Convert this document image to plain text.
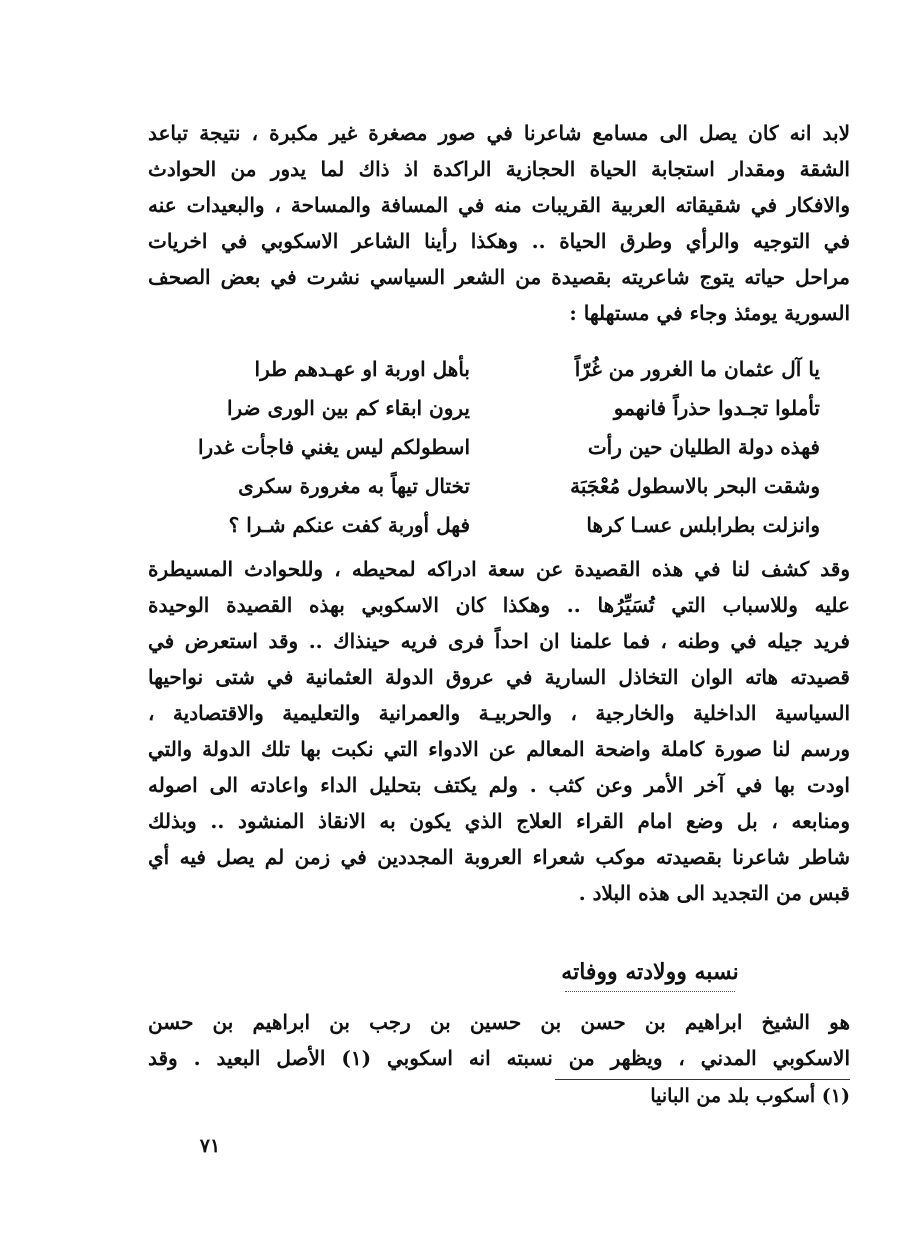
لابد انه كان يصل الى مسامع شاعرنا في صور مصغرة غير مكبرة ، نتيجة تباعد
الشقة ومقدار استجابة الحياة الحجازية الراكدة اذ ذاك لما يدور من الحوادث
والافكار في شقيقاته العربية القريبات منه في المسافة والمساحة ، والبعيدات عنه
في التوجيه والرأي وطرق الحياة .. وهكذا رأينا الشاعر الاسكوبي في اخريات
مراحل حياته يتوج شاعريته بقصيدة من الشعر السياسي نشرت في بعض الصحف
السورية يومئذ وجاء في مستهلها :
يا آل عثمان ما الغرور من غُرّاً
بأهل اوربة او عهـدهم طرا
تأملوا تجـدوا حذراً فانهمو
يرون ابقاء كم بين الورى ضرا
فهذه دولة الطليان حين رأت
اسطولكم ليس يغني فاجأت غدرا
وشقت البحر بالاسطول مُعْجَبَة
تختال تيهاً به مغرورة سكرى
وانزلت بطرابلس عسـا كرها
فهل أوربة كفت عنكم شـرا ؟
وقد كشف لنا في هذه القصيدة عن سعة ادراكه لمحيطه ، وللحوادث المسيطرة
عليه وللاسباب التي تُسَيِّرُها .. وهكذا كان الاسكوبي بهذه القصيدة الوحيدة
فريد جيله في وطنه ، فما علمنا ان احداً فرى فريه حينذاك .. وقد استعرض في
قصيدته هاته الوان التخاذل السارية في عروق الدولة العثمانية في شتى نواحيها
السياسية الداخلية والخارجية ، والحربيـة والعمرانية والتعليمية والاقتصادية ،
ورسم لنا صورة كاملة واضحة المعالم عن الادواء التي نكبت بها تلك الدولة والتي
اودت بها في آخر الأمر وعن كثب . ولم يكتف بتحليل الداء واعادته الى اصوله
ومنابعه ، بل وضع امام القراء العلاج الذي يكون به الانقاذ المنشود .. وبذلك
شاطر شاعرنا بقصيدته موكب شعراء العروبة المجددين في زمن لم يصل فيه أي
قبس من التجديد الى هذه البلاد .
نسبه وولادته ووفاته
هو الشيخ ابراهيم بن حسن بن حسين بن رجب بن ابراهيم بن حسن
الاسكوبي المدني ، ويظهر من نسبته انه اسكوبي (١) الأصل البعيد . وقد
(١) أسكوب بلد من البانيا
٧١
